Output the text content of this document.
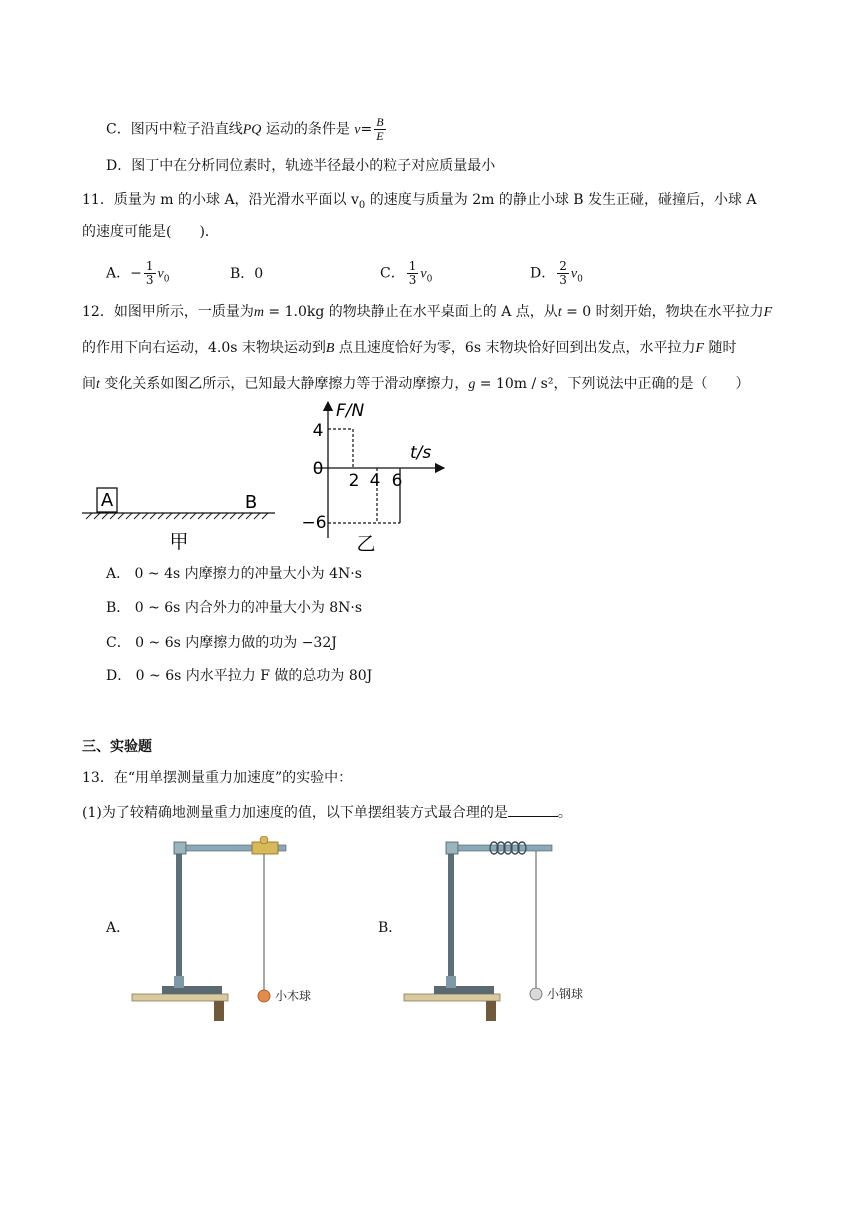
C．图丙中粒子沿直线PQ 运动的条件是 $v= \frac{B}{E}$
D．图丁中在分析同位素时，轨迹半径最小的粒子对应质量最小
11．质量为 m 的小球 A，沿光滑水平面以 $v_0$ 的速度与质量为 2m 的静止小球 B 发生正碰，碰撞后，小球 A
的速度可能是(　　)．
A．− $\frac{1}{3} v_0$	B．0	C． $\frac{1}{3} v_0$	D． $\frac{2}{3} v_0$
12．如图甲所示，一质量为m = 1.0kg 的物块静止在水平桌面上的 A 点，从t = 0 时刻开始，物块在水平拉力F
的作用下向右运动，4.0s 末物块运动到B 点且速度恰好为零，6s 末物块恰好回到出发点，水平拉力F 随时
间t 变化关系如图乙所示，已知最大静摩擦力等于滑动摩擦力，g = 10m / s²，下列说法中正确的是（　　）
A	B
甲
F/N
t/s
4
0
−6
2 4 6
乙
A． 0 ~ 4s 内摩擦力的冲量大小为 4N·s
B． 0 ~ 6s 内合外力的冲量大小为 8N·s
C． 0 ~ 6s 内摩擦力做的功为 −32J
D． 0 ~ 6s 内水平拉力 F 做的总功为 80J
三、实验题
13．在“用单摆测量重力加速度”的实验中：
(1)为了较精确地测量重力加速度的值，以下单摆组装方式最合理的是	。
A．	B．
小木球	小钢球
